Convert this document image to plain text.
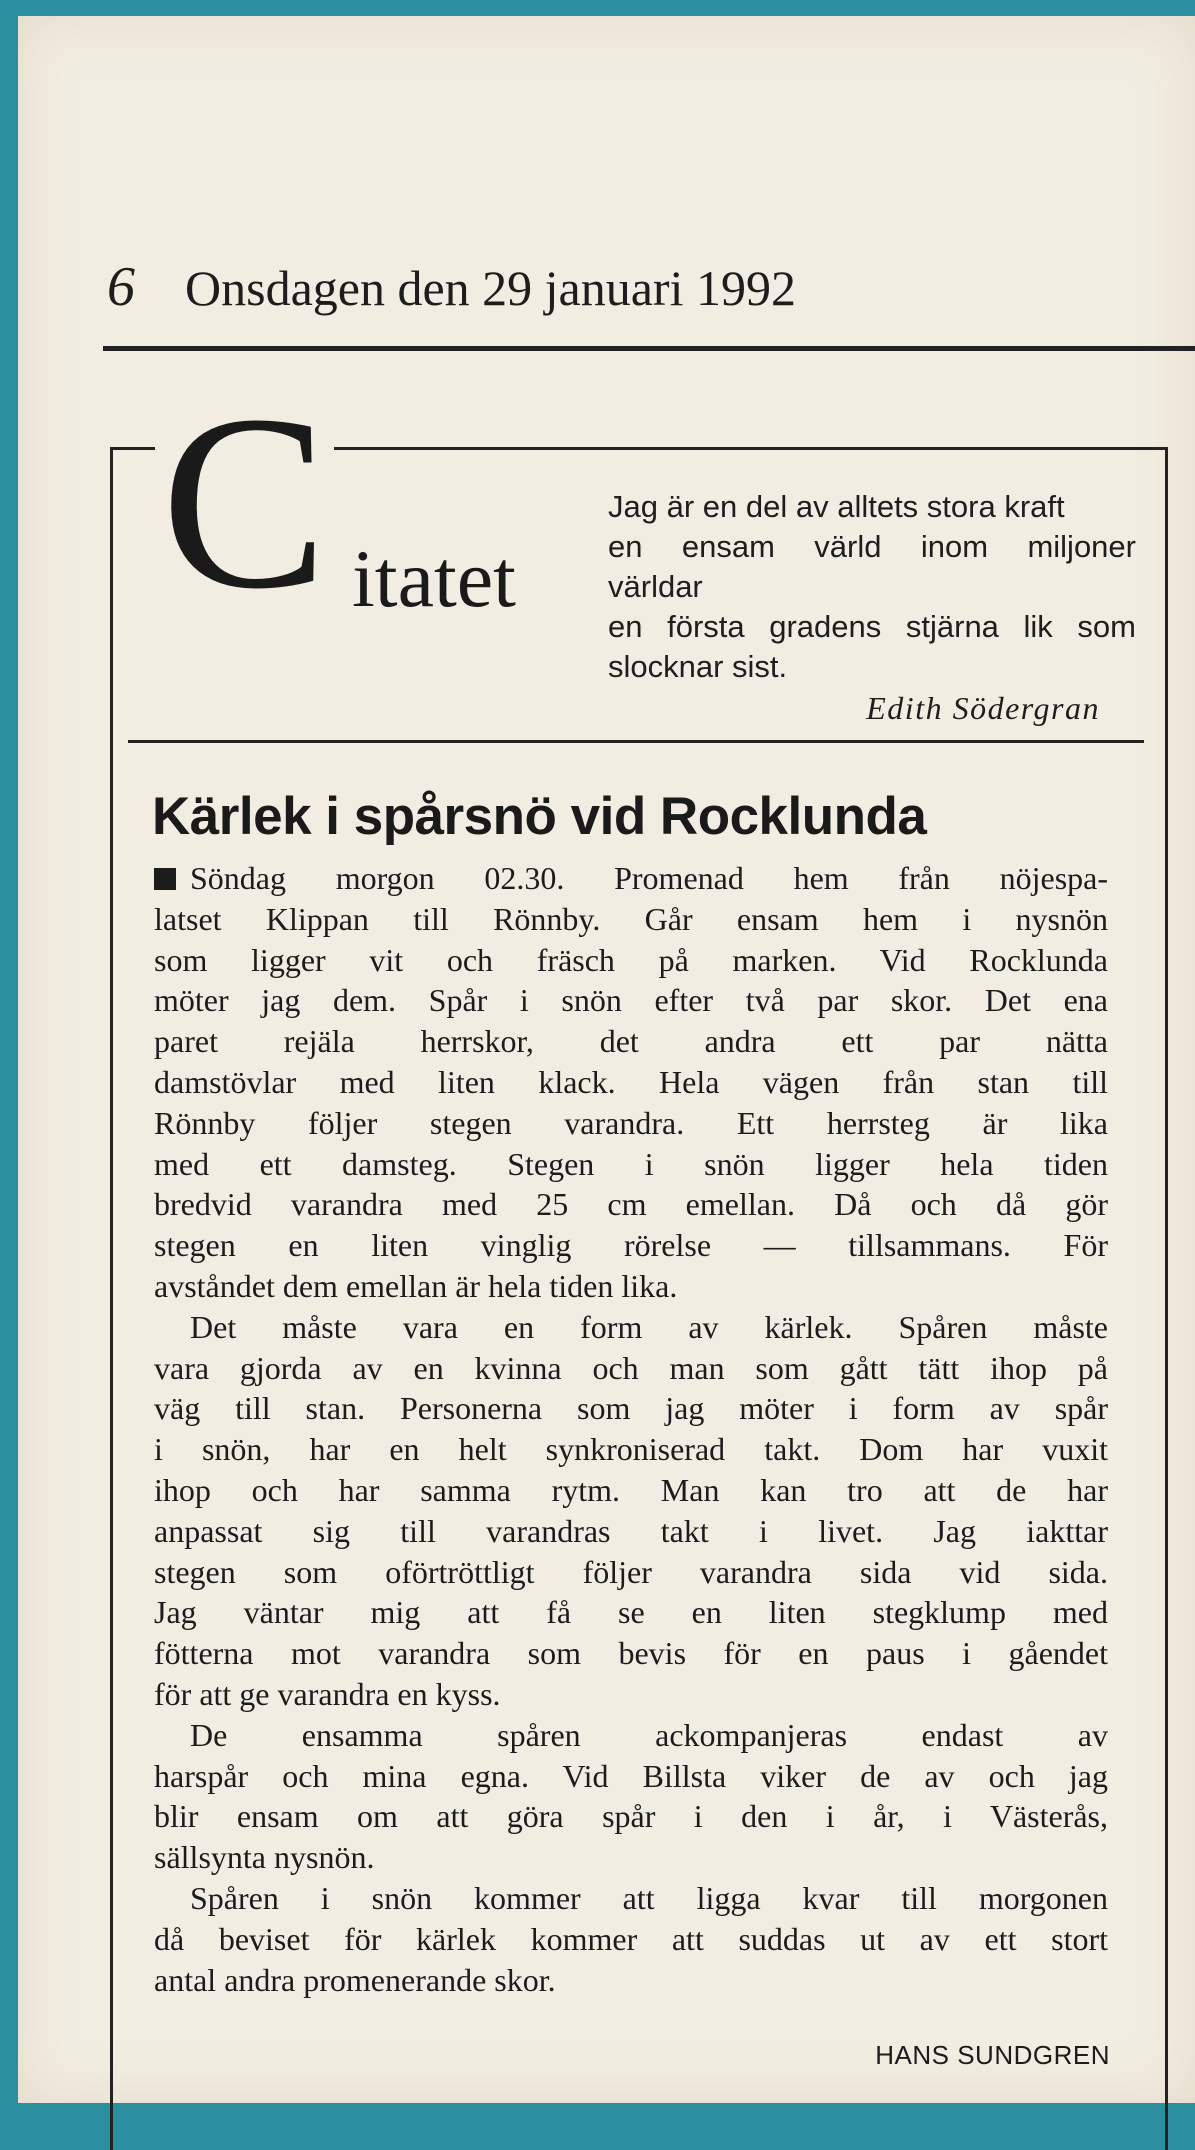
6 Onsdagen den 29 januari 1992
C itatet
Jag är en del av alltets stora kraft
en ensam värld inom miljoner
världar
en första gradens stjärna lik som
slocknar sist.
Edith Södergran
Kärlek i spårsnö vid Rocklunda
Söndag morgon 02.30. Promenad hem från nöjespa-
latset Klippan till Rönnby. Går ensam hem i nysnön
som ligger vit och fräsch på marken. Vid Rocklunda
möter jag dem. Spår i snön efter två par skor. Det ena
paret rejäla herrskor, det andra ett par nätta
damstövlar med liten klack. Hela vägen från stan till
Rönnby följer stegen varandra. Ett herrsteg är lika
med ett damsteg. Stegen i snön ligger hela tiden
bredvid varandra med 25 cm emellan. Då och då gör
stegen en liten vinglig rörelse — tillsammans. För
avståndet dem emellan är hela tiden lika.
Det måste vara en form av kärlek. Spåren måste
vara gjorda av en kvinna och man som gått tätt ihop på
väg till stan. Personerna som jag möter i form av spår
i snön, har en helt synkroniserad takt. Dom har vuxit
ihop och har samma rytm. Man kan tro att de har
anpassat sig till varandras takt i livet. Jag iakttar
stegen som oförtröttligt följer varandra sida vid sida.
Jag väntar mig att få se en liten stegklump med
fötterna mot varandra som bevis för en paus i gåendet
för att ge varandra en kyss.
De ensamma spåren ackompanjeras endast av
harspår och mina egna. Vid Billsta viker de av och jag
blir ensam om att göra spår i den i år, i Västerås,
sällsynta nysnön.
Spåren i snön kommer att ligga kvar till morgonen
då beviset för kärlek kommer att suddas ut av ett stort
antal andra promenerande skor.
HANS SUNDGREN
